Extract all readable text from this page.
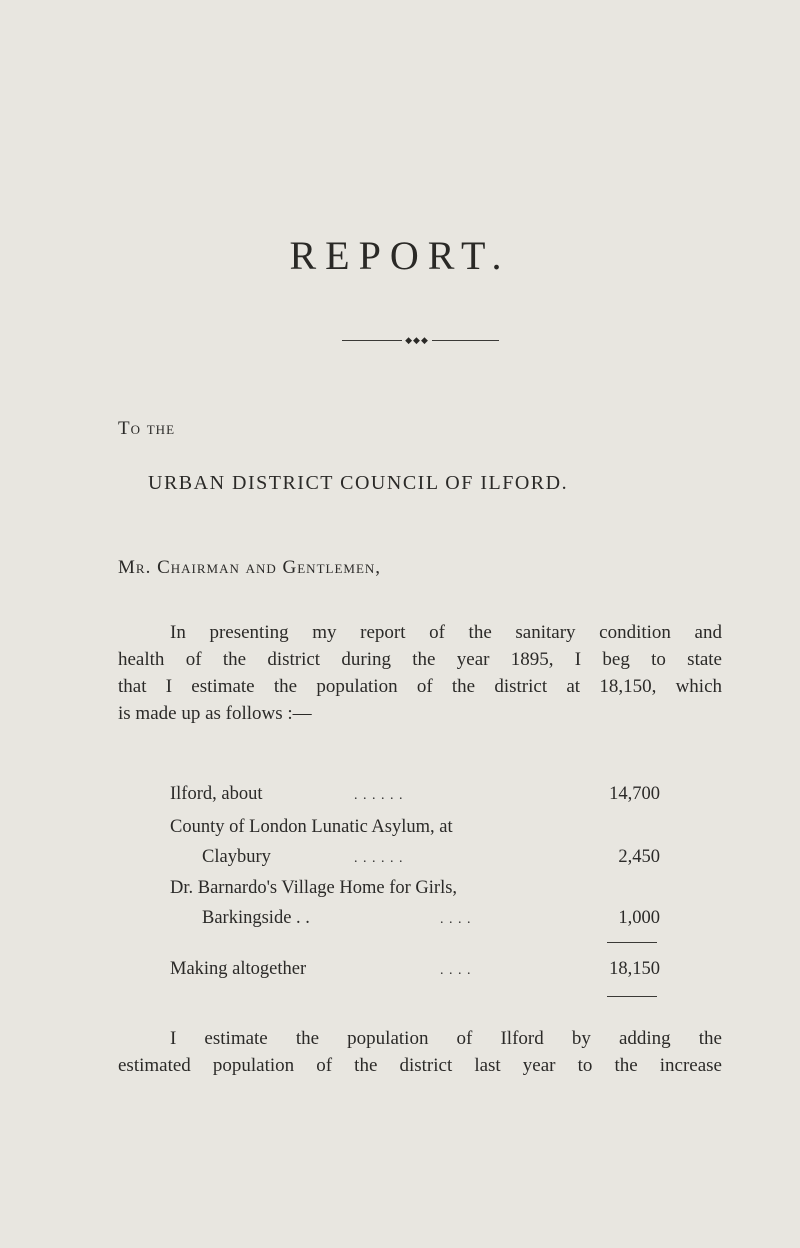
REPORT.
◆◆◆
To the
URBAN DISTRICT COUNCIL OF ILFORD.
Mr. Chairman and Gentlemen,
In presenting my report of the sanitary condition and
health of the district during the year 1895, I beg to state
that I estimate the population of the district at 18,150, which
is made up as follows :—
Ilford, about	. . . . . .	14,700
County of London Lunatic Asylum, at
Claybury	. . . . . .	2,450
Dr. Barnardo's Village Home for Girls,
Barkingside . .	. . . .	1,000
Making altogether	. . . .	18,150
I estimate the population of Ilford by adding the
estimated population of the district last year to the increase
